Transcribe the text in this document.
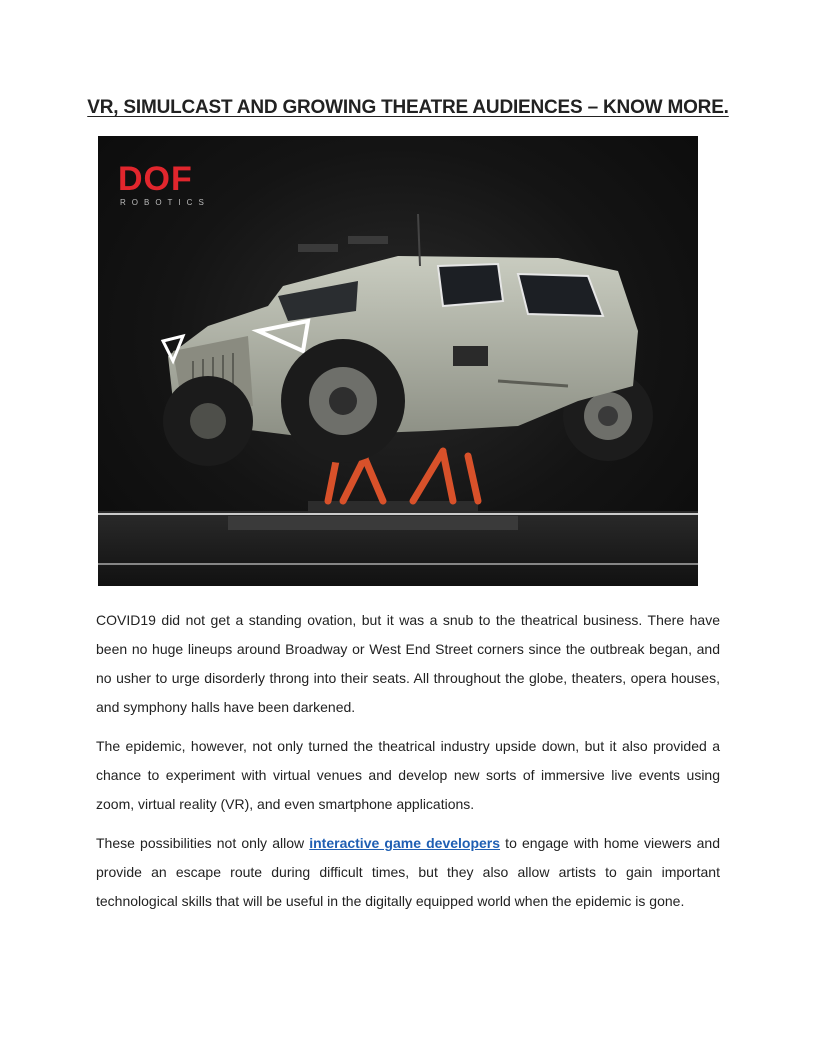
VR, SIMULCAST AND GROWING THEATRE AUDIENCES – KNOW MORE.
DOF
ROBOTICS

COVID19 did not get a standing ovation, but it was a snub to the theatrical business. There have been no huge lineups around Broadway or West End Street corners since the outbreak began, and no usher to urge disorderly throng into their seats. All throughout the globe, theaters, opera houses, and symphony halls have been darkened.

The epidemic, however, not only turned the theatrical industry upside down, but it also provided a chance to experiment with virtual venues and develop new sorts of immersive live events using zoom, virtual reality (VR), and even smartphone applications.

These possibilities not only allow interactive game developers to engage with home viewers and provide an escape route during difficult times, but they also allow artists to gain important technological skills that will be useful in the digitally equipped world when the epidemic is gone.
